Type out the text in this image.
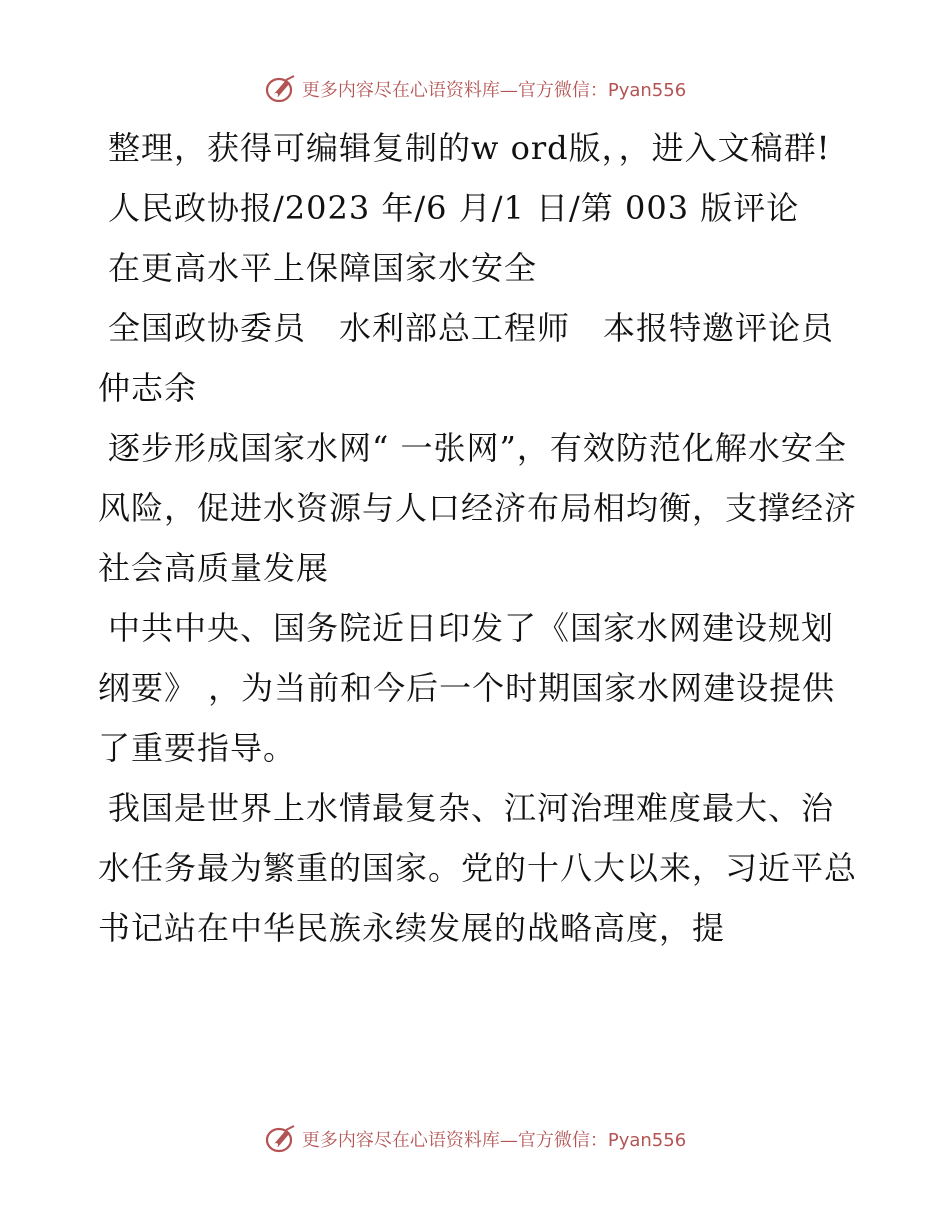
更多内容尽在心语资料库—官方微信：Pyan556

整理，获得可编辑复制的w ord版，，进入文稿群!

人民政协报/2023 年/6 月/1 日/第 003 版评论

在更高水平上保障国家水安全

全国政协委员　水利部总工程师　本报特邀评论员　仲志余

逐步形成国家水网“ 一张网”，有效防范化解水安全风险，促进水资源与人口经济布局相均衡，支撑经济社会高质量发展

中共中央、国务院近日印发了《国家水网建设规划纲要》 ，为当前和今后一个时期国家水网建设提供了重要指导。

我国是世界上水情最复杂、江河治理难度最大、治水任务最为繁重的国家。党的十八大以来，习近平总书记站在中华民族永续发展的战略高度，提

更多内容尽在心语资料库—官方微信：Pyan556
